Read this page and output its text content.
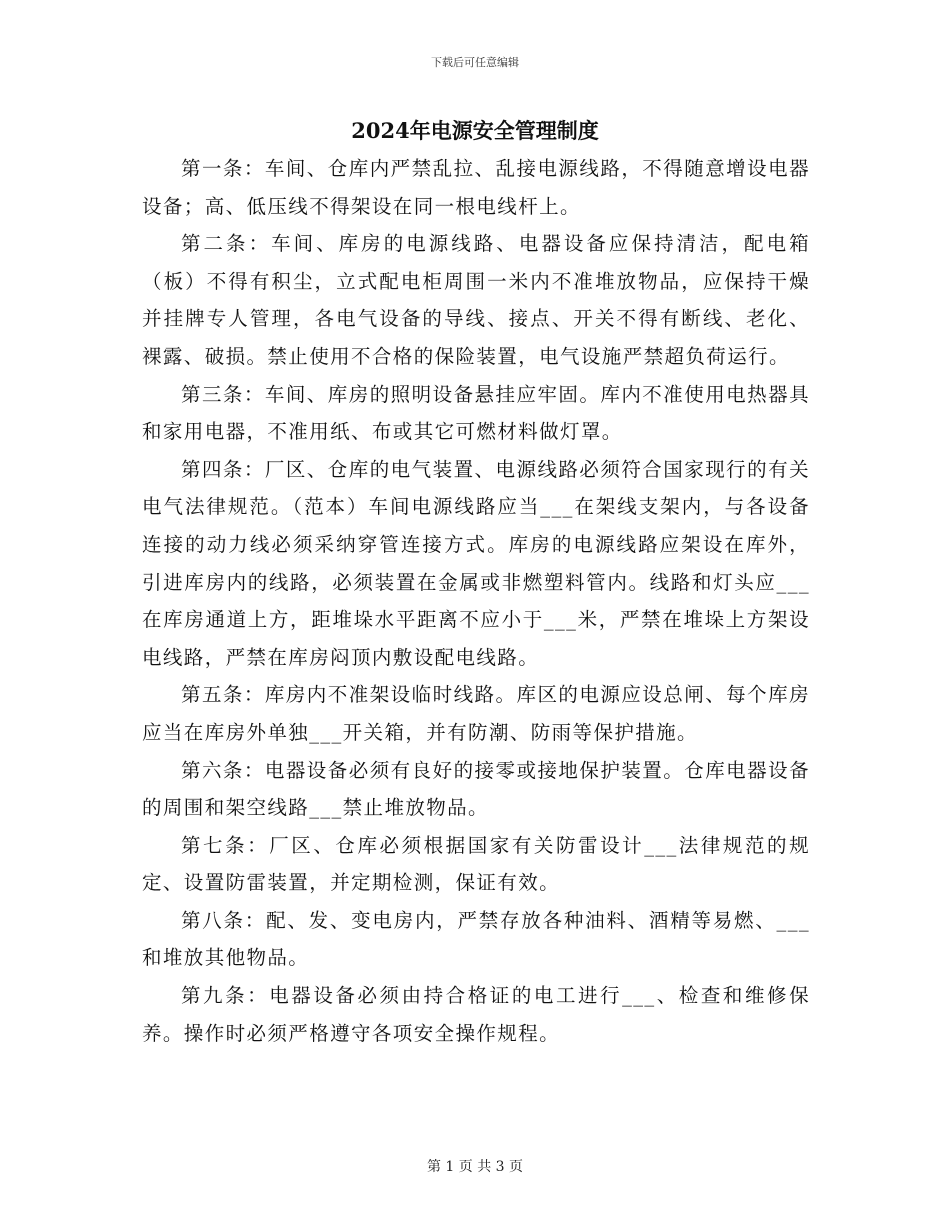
下载后可任意编辑
2024年电源安全管理制度

第一条：车间、仓库内严禁乱拉、乱接电源线路，不得随意增设电器设备；高、低压线不得架设在同一根电线杆上。

第二条：车间、库房的电源线路、电器设备应保持清洁，配电箱（板）不得有积尘，立式配电柜周围一米内不准堆放物品，应保持干燥并挂牌专人管理，各电气设备的导线、接点、开关不得有断线、老化、裸露、破损。禁止使用不合格的保险装置，电气设施严禁超负荷运行。

第三条：车间、库房的照明设备悬挂应牢固。库内不准使用电热器具和家用电器，不准用纸、布或其它可燃材料做灯罩。

第四条：厂区、仓库的电气装置、电源线路必须符合国家现行的有关电气法律规范。（范本）车间电源线路应当___在架线支架内，与各设备连接的动力线必须采纳穿管连接方式。库房的电源线路应架设在库外，引进库房内的线路，必须装置在金属或非燃塑料管内。线路和灯头应___在库房通道上方，距堆垛水平距离不应小于___米，严禁在堆垛上方架设电线路，严禁在库房闷顶内敷设配电线路。

第五条：库房内不准架设临时线路。库区的电源应设总闸、每个库房应当在库房外单独___开关箱，并有防潮、防雨等保护措施。

第六条：电器设备必须有良好的接零或接地保护装置。仓库电器设备的周围和架空线路___禁止堆放物品。

第七条：厂区、仓库必须根据国家有关防雷设计___法律规范的规定、设置防雷装置，并定期检测，保证有效。

第八条：配、发、变电房内，严禁存放各种油料、酒精等易燃、___和堆放其他物品。

第九条：电器设备必须由持合格证的电工进行___、检查和维修保养。操作时必须严格遵守各项安全操作规程。

第 1 页 共 3 页
